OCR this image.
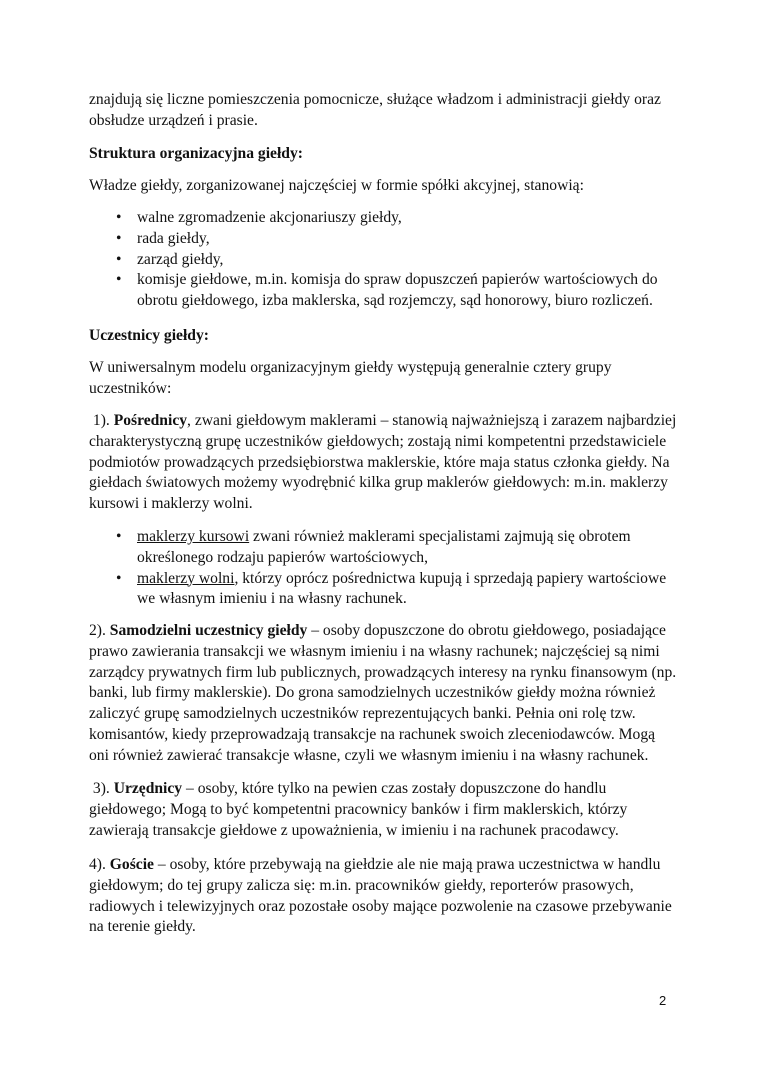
znajdują się liczne pomieszczenia pomocnicze, służące władzom i administracji giełdy oraz
obsłudze urządzeń i prasie.
Struktura organizacyjna giełdy:
Władze giełdy, zorganizowanej najczęściej w formie spółki akcyjnej, stanowią:
• walne zgromadzenie akcjonariuszy giełdy,
• rada giełdy,
• zarząd giełdy,
• komisje giełdowe, m.in. komisja do spraw dopuszczeń papierów wartościowych do
obrotu giełdowego, izba maklerska, sąd rozjemczy, sąd honorowy, biuro rozliczeń.
Uczestnicy giełdy:
W uniwersalnym modelu organizacyjnym giełdy występują generalnie cztery grupy
uczestników:
1). Pośrednicy, zwani giełdowym maklerami – stanowią najważniejszą i zarazem najbardziej
charakterystyczną grupę uczestników giełdowych; zostają nimi kompetentni przedstawiciele
podmiotów prowadzących przedsiębiorstwa maklerskie, które maja status członka giełdy. Na
giełdach światowych możemy wyodrębnić kilka grup maklerów giełdowych: m.in. maklerzy
kursowi i maklerzy wolni.
• maklerzy kursowi zwani również maklerami specjalistami zajmują się obrotem
określonego rodzaju papierów wartościowych,
• maklerzy wolni, którzy oprócz pośrednictwa kupują i sprzedają papiery wartościowe
we własnym imieniu i na własny rachunek.
2). Samodzielni uczestnicy giełdy – osoby dopuszczone do obrotu giełdowego, posiadające
prawo zawierania transakcji we własnym imieniu i na własny rachunek; najczęściej są nimi
zarządcy prywatnych firm lub publicznych, prowadzących interesy na rynku finansowym (np.
banki, lub firmy maklerskie). Do grona samodzielnych uczestników giełdy można również
zaliczyć grupę samodzielnych uczestników reprezentujących banki. Pełnia oni rolę tzw.
komisantów, kiedy przeprowadzają transakcje na rachunek swoich zleceniodawców. Mogą
oni również zawierać transakcje własne, czyli we własnym imieniu i na własny rachunek.
3). Urzędnicy – osoby, które tylko na pewien czas zostały dopuszczone do handlu
giełdowego; Mogą to być kompetentni pracownicy banków i firm maklerskich, którzy
zawierają transakcje giełdowe z upoważnienia, w imieniu i na rachunek pracodawcy.
4). Goście – osoby, które przebywają na giełdzie ale nie mają prawa uczestnictwa w handlu
giełdowym; do tej grupy zalicza się: m.in. pracowników giełdy, reporterów prasowych,
radiowych i telewizyjnych oraz pozostałe osoby mające pozwolenie na czasowe przebywanie
na terenie giełdy.
2
